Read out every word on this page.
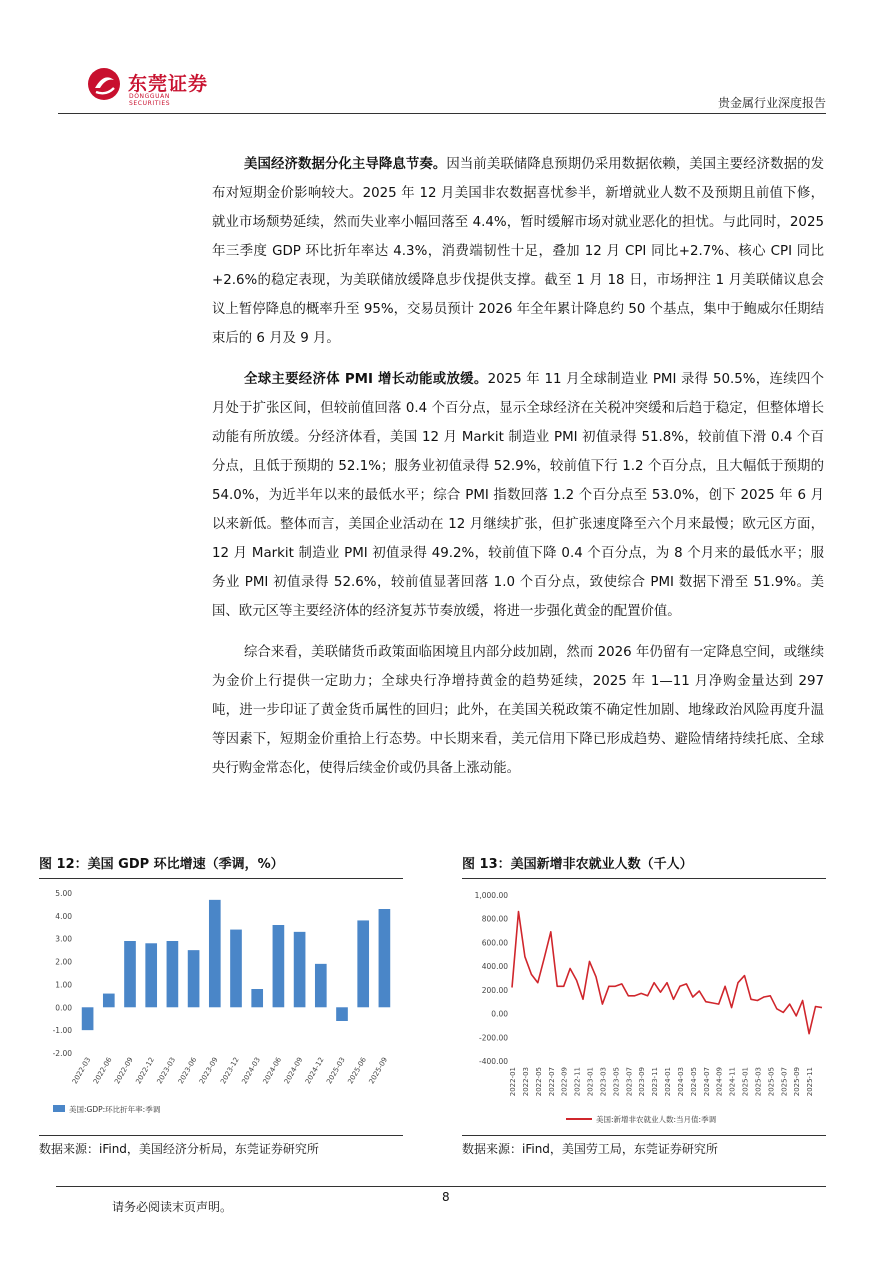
东莞证券
DONGGUAN SECURITIES	贵金属行业深度报告

美国经济数据分化主导降息节奏。因当前美联储降息预期仍采用数据依赖，美国主要经济数据的发布对短期金价影响较大。2025 年 12 月美国非农数据喜忧参半，新增就业人数不及预期且前值下修，就业市场颓势延续，然而失业率小幅回落至 4.4%，暂时缓解市场对就业恶化的担忧。与此同时，2025 年三季度 GDP 环比折年率达 4.3%，消费端韧性十足，叠加 12 月 CPI 同比+2.7%、核心 CPI 同比+2.6%的稳定表现，为美联储放缓降息步伐提供支撑。截至 1 月 18 日，市场押注 1 月美联储议息会议上暂停降息的概率升至 95%，交易员预计 2026 年全年累计降息约 50 个基点，集中于鲍威尔任期结束后的 6 月及 9 月。

全球主要经济体 PMI 增长动能或放缓。2025 年 11 月全球制造业 PMI 录得 50.5%，连续四个月处于扩张区间，但较前值回落 0.4 个百分点，显示全球经济在关税冲突缓和后趋于稳定，但整体增长动能有所放缓。分经济体看，美国 12 月 Markit 制造业 PMI 初值录得 51.8%，较前值下滑 0.4 个百分点，且低于预期的 52.1%；服务业初值录得 52.9%，较前值下行 1.2 个百分点，且大幅低于预期的 54.0%，为近半年以来的最低水平；综合 PMI 指数回落 1.2 个百分点至 53.0%，创下 2025 年 6 月以来新低。整体而言，美国企业活动在 12 月继续扩张，但扩张速度降至六个月来最慢；欧元区方面，12 月 Markit 制造业 PMI 初值录得 49.2%，较前值下降 0.4 个百分点，为 8 个月来的最低水平；服务业 PMI 初值录得 52.6%，较前值显著回落 1.0 个百分点，致使综合 PMI 数据下滑至 51.9%。美国、欧元区等主要经济体的经济复苏节奏放缓，将进一步强化黄金的配置价值。

综合来看，美联储货币政策面临困境且内部分歧加剧，然而 2026 年仍留有一定降息空间，或继续为金价上行提供一定助力；全球央行净增持黄金的趋势延续，2025 年 1—11 月净购金量达到 297 吨，进一步印证了黄金货币属性的回归；此外，在美国关税政策不确定性加剧、地缘政治风险再度升温等因素下，短期金价重拾上行态势。中长期来看，美元信用下降已形成趋势、避险情绪持续托底、全球央行购金常态化，使得后续金价或仍具备上涨动能。

图 12：美国 GDP 环比增速（季调，%）
-2.00
-1.00
0.00
1.00
2.00
3.00
4.00
5.00
2022-03 2022-06 2022-09 2022-12 2023-03 2023-06 2023-09 2023-12 2024-03 2024-06 2024-09 2024-12 2025-03 2025-06 2025-09
美国:GDP:环比折年率:季调
数据来源：iFind，美国经济分析局，东莞证券研究所
图 13：美国新增非农就业人数（千人）
-400.00
-200.00
0.00
200.00
400.00
600.00
800.00
1,000.00
2022-01 2022-03 2022-05 2022-07 2022-09 2022-11 2023-01 2023-03 2023-05 2023-07 2023-09 2023-11 2024-01 2024-03 2024-05 2024-07 2024-09 2024-11 2025-01 2025-03 2025-05 2025-07 2025-09 2025-11
美国:新增非农就业人数:当月值:季调
数据来源：iFind，美国劳工局，东莞证券研究所
8
请务必阅读末页声明。
